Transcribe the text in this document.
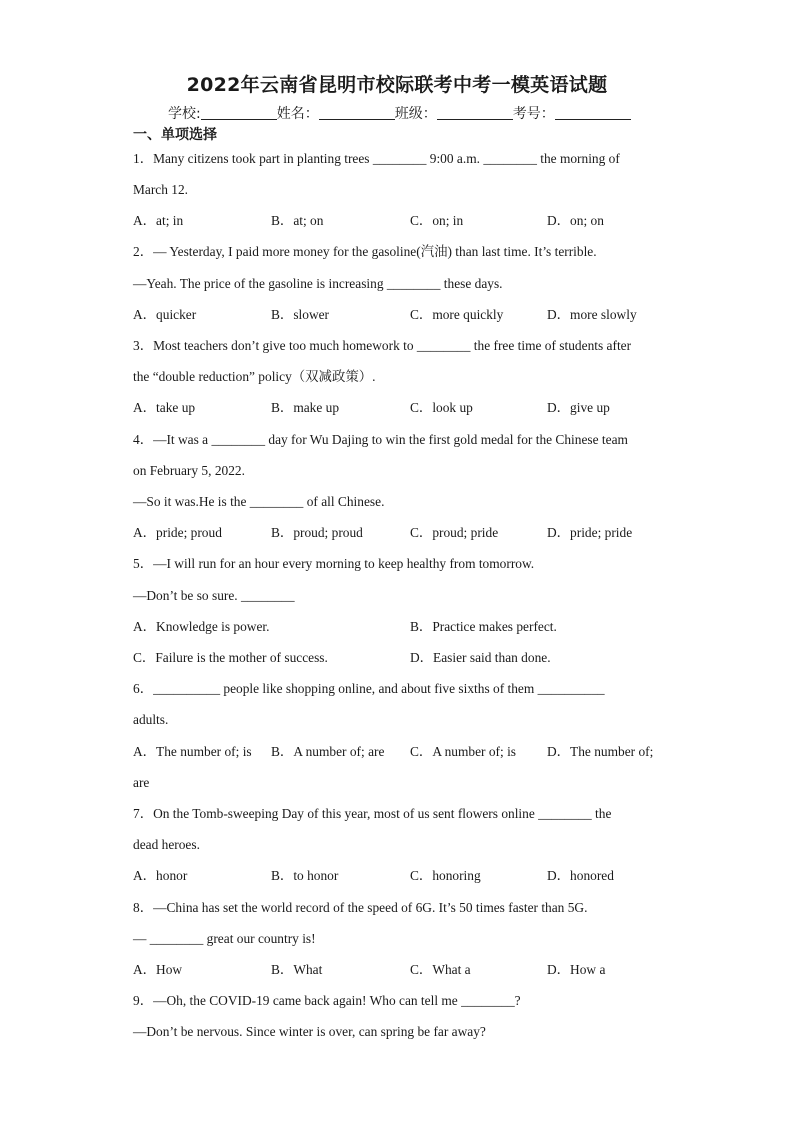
2022年云南省昆明市校际联考中考一模英语试题
学校:	姓名：	班级：	考号：
一、单项选择
1．Many citizens took part in planting trees ________ 9:00 a.m. ________ the morning of
March 12.
A．at; in	B．at; on	C．on; in	D．on; on
2．— Yesterday, I paid more money for the gasoline(汽油) than last time. It’s terrible.
—Yeah. The price of the gasoline is increasing ________ these days.
A．quicker	B．slower	C．more quickly	D．more slowly
3．Most teachers don’t give too much homework to ________ the free time of students after
the “double reduction” policy（双减政策）.
A．take up	B．make up	C．look up	D．give up
4．—It was a ________ day for Wu Dajing to win the first gold medal for the Chinese team
on February 5, 2022.
—So it was.He is the ________ of all Chinese.
A．pride; proud	B．proud; proud	C．proud; pride	D．pride; pride
5．—I will run for an hour every morning to keep healthy from tomorrow.
—Don’t be so sure. ________
A．Knowledge is power.	B．Practice makes perfect.
C．Failure is the mother of success.	D．Easier said than done.
6．__________ people like shopping online, and about five sixths of them __________
adults.
A．The number of; is B．A number of; are C．A number of; is D．The number of;
are
7．On the Tomb-sweeping Day of this year, most of us sent flowers online ________ the
dead heroes.
A．honor	B．to honor	C．honoring	D．honored
8．—China has set the world record of the speed of 6G. It’s 50 times faster than 5G.
— ________ great our country is!
A．How	B．What	C．What a	D．How a
9．—Oh, the COVID-19 came back again! Who can tell me ________?
—Don’t be nervous. Since winter is over, can spring be far away?
